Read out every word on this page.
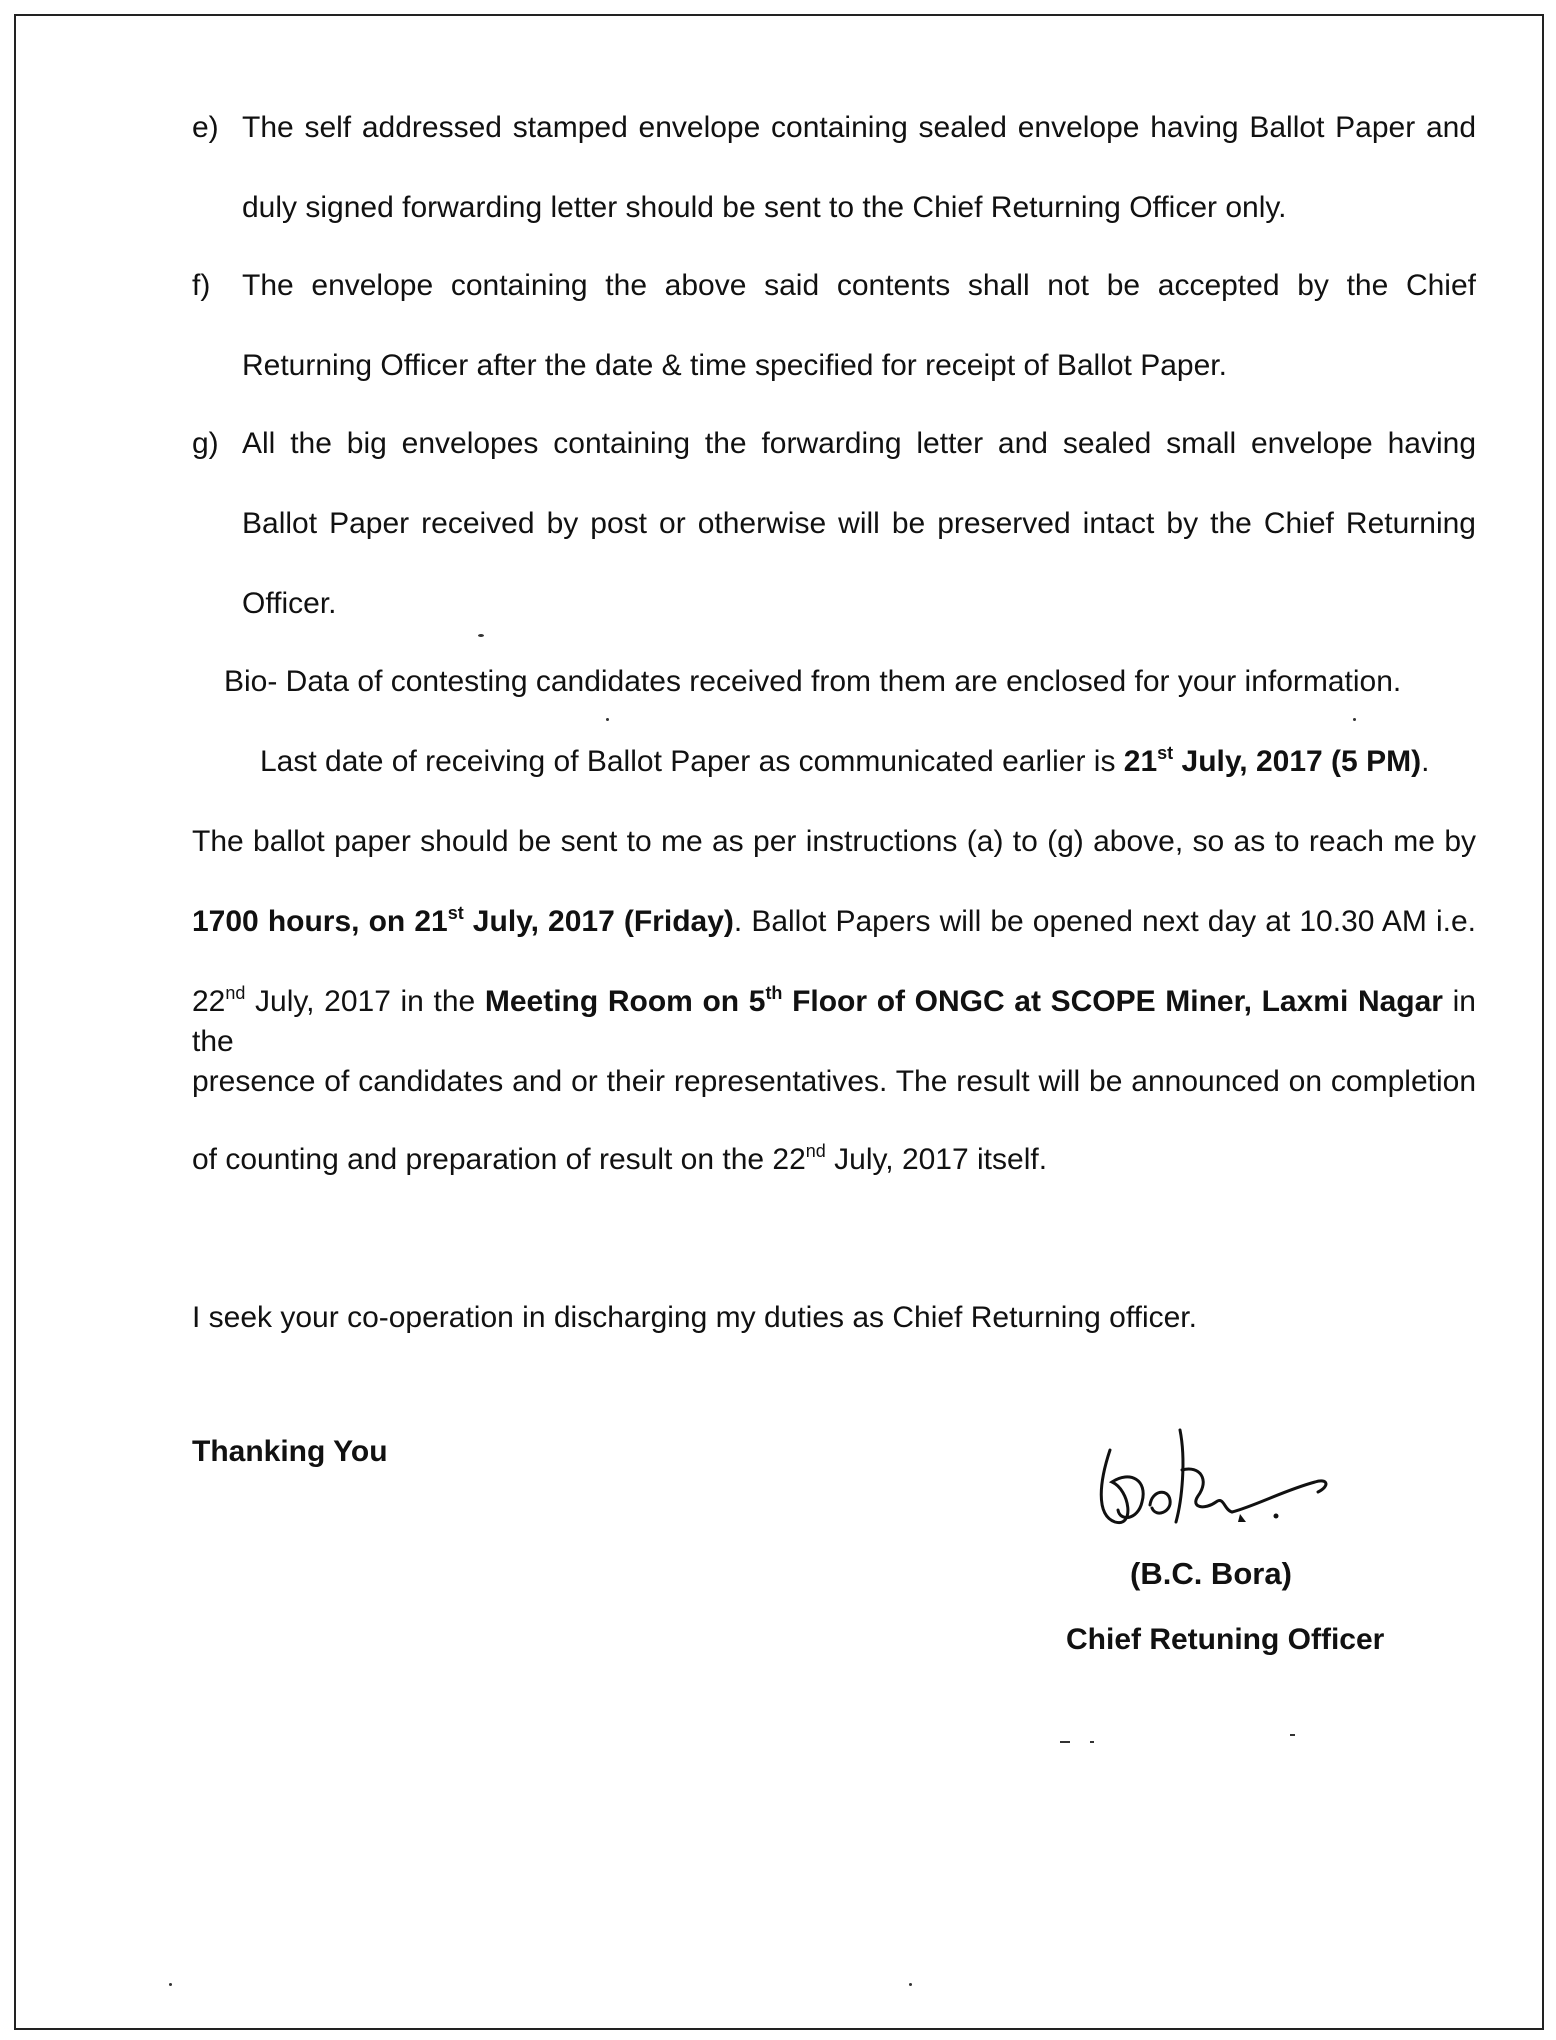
e) The self addressed stamped envelope containing sealed envelope having Ballot Paper and
duly signed forwarding letter should be sent to the Chief Returning Officer only.
f) The envelope containing the above said contents shall not be accepted by the Chief
Returning Officer after the date & time specified for receipt of Ballot Paper.
g) All the big envelopes containing the forwarding letter and sealed small envelope having
Ballot Paper received by post or otherwise will be preserved intact by the Chief Returning
Officer.
Bio- Data of contesting candidates received from them are enclosed for your information.
Last date of receiving of Ballot Paper as communicated earlier is 21st July, 2017 (5 PM).
The ballot paper should be sent to me as per instructions (a) to (g) above, so as to reach me by
1700 hours, on 21st July, 2017 (Friday). Ballot Papers will be opened next day at 10.30 AM i.e.
22nd July, 2017 in the Meeting Room on 5th Floor of ONGC at SCOPE Miner, Laxmi Nagar in the
presence of candidates and or their representatives. The result will be announced on completion
of counting and preparation of result on the 22nd July, 2017 itself.
I seek your co-operation in discharging my duties as Chief Returning officer.
Thanking You
(B.C. Bora)
Chief Retuning Officer
